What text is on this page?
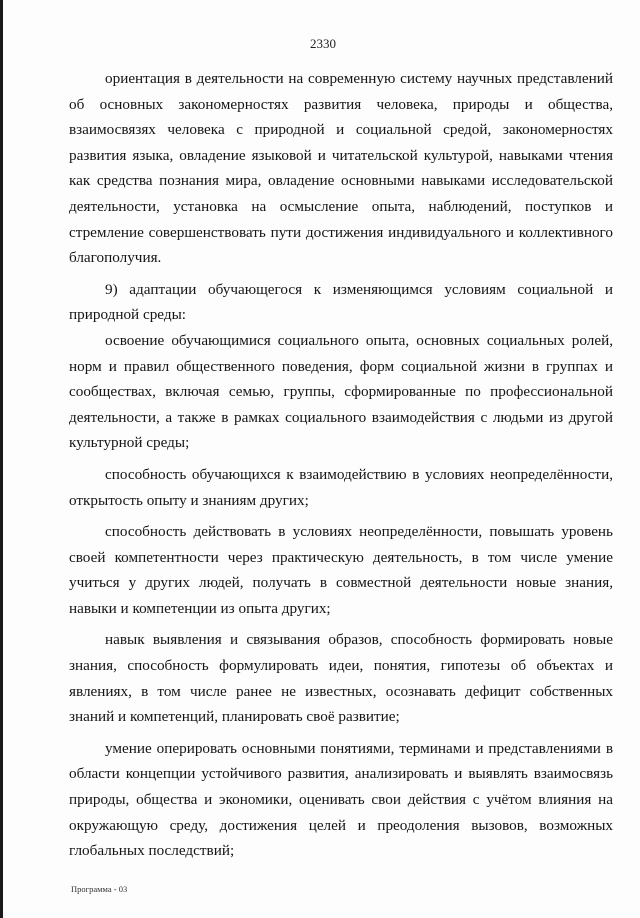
2330

ориентация в деятельности на современную систему научных представлений об основных закономерностях развития человека, природы и общества, взаимосвязях человека с природной и социальной средой, закономерностях развития языка, овладение языковой и читательской культурой, навыками чтения как средства познания мира, овладение основными навыками исследовательской деятельности, установка на осмысление опыта, наблюдений, поступков и стремление совершенствовать пути достижения индивидуального и коллективного благополучия.

9) адаптации обучающегося к изменяющимся условиям социальной и природной среды:

освоение обучающимися социального опыта, основных социальных ролей, норм и правил общественного поведения, форм социальной жизни в группах и сообществах, включая семью, группы, сформированные по профессиональной деятельности, а также в рамках социального взаимодействия с людьми из другой культурной среды;

способность обучающихся к взаимодействию в условиях неопределённости, открытость опыту и знаниям других;

способность действовать в условиях неопределённости, повышать уровень своей компетентности через практическую деятельность, в том числе умение учиться у других людей, получать в совместной деятельности новые знания, навыки и компетенции из опыта других;

навык выявления и связывания образов, способность формировать новые знания, способность формулировать идеи, понятия, гипотезы об объектах и явлениях, в том числе ранее не известных, осознавать дефицит собственных знаний и компетенций, планировать своё развитие;

умение оперировать основными понятиями, терминами и представлениями в области концепции устойчивого развития, анализировать и выявлять взаимосвязь природы, общества и экономики, оценивать свои действия с учётом влияния на окружающую среду, достижения целей и преодоления вызовов, возможных глобальных последствий;

Программа - 03
